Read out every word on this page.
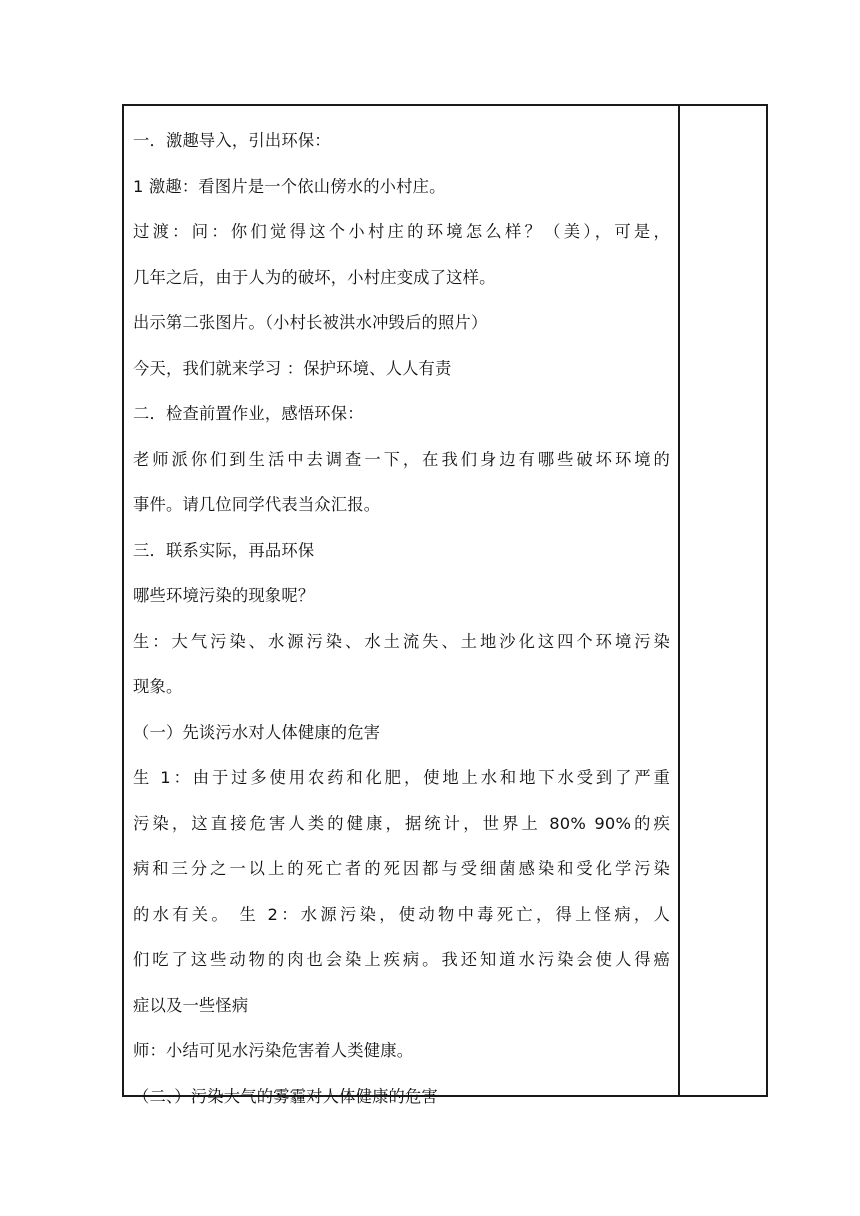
一．激趣导入，引出环保：
1 激趣：看图片是一个依山傍水的小村庄。
过渡：问：你们觉得这个小村庄的环境怎么样？（美），可是，
几年之后，由于人为的破坏，小村庄变成了这样。
出示第二张图片。（小村长被洪水冲毁后的照片）
今天，我们就来学习 ：保护环境、人人有责
二．检查前置作业，感悟环保：
老师派你们到生活中去调查一下，在我们身边有哪些破坏环境的
事件。请几位同学代表当众汇报。
三．联系实际，再品环保
哪些环境污染的现象呢？
生：大气污染、水源污染、水土流失、土地沙化这四个环境污染
现象。
（一）先谈污水对人体健康的危害
生 1：由于过多使用农药和化肥，使地上水和地下水受到了严重
污染，这直接危害人类的健康，据统计，世界上 80% 90%的疾
病和三分之一以上的死亡者的死因都与受细菌感染和受化学污染
的水有关。 生 2：水源污染，使动物中毒死亡，得上怪病，人
们吃了这些动物的肉也会染上疾病。我还知道水污染会使人得癌
症以及一些怪病
师：小结可见水污染危害着人类健康。
（二、）污染大气的雾霾对人体健康的危害
